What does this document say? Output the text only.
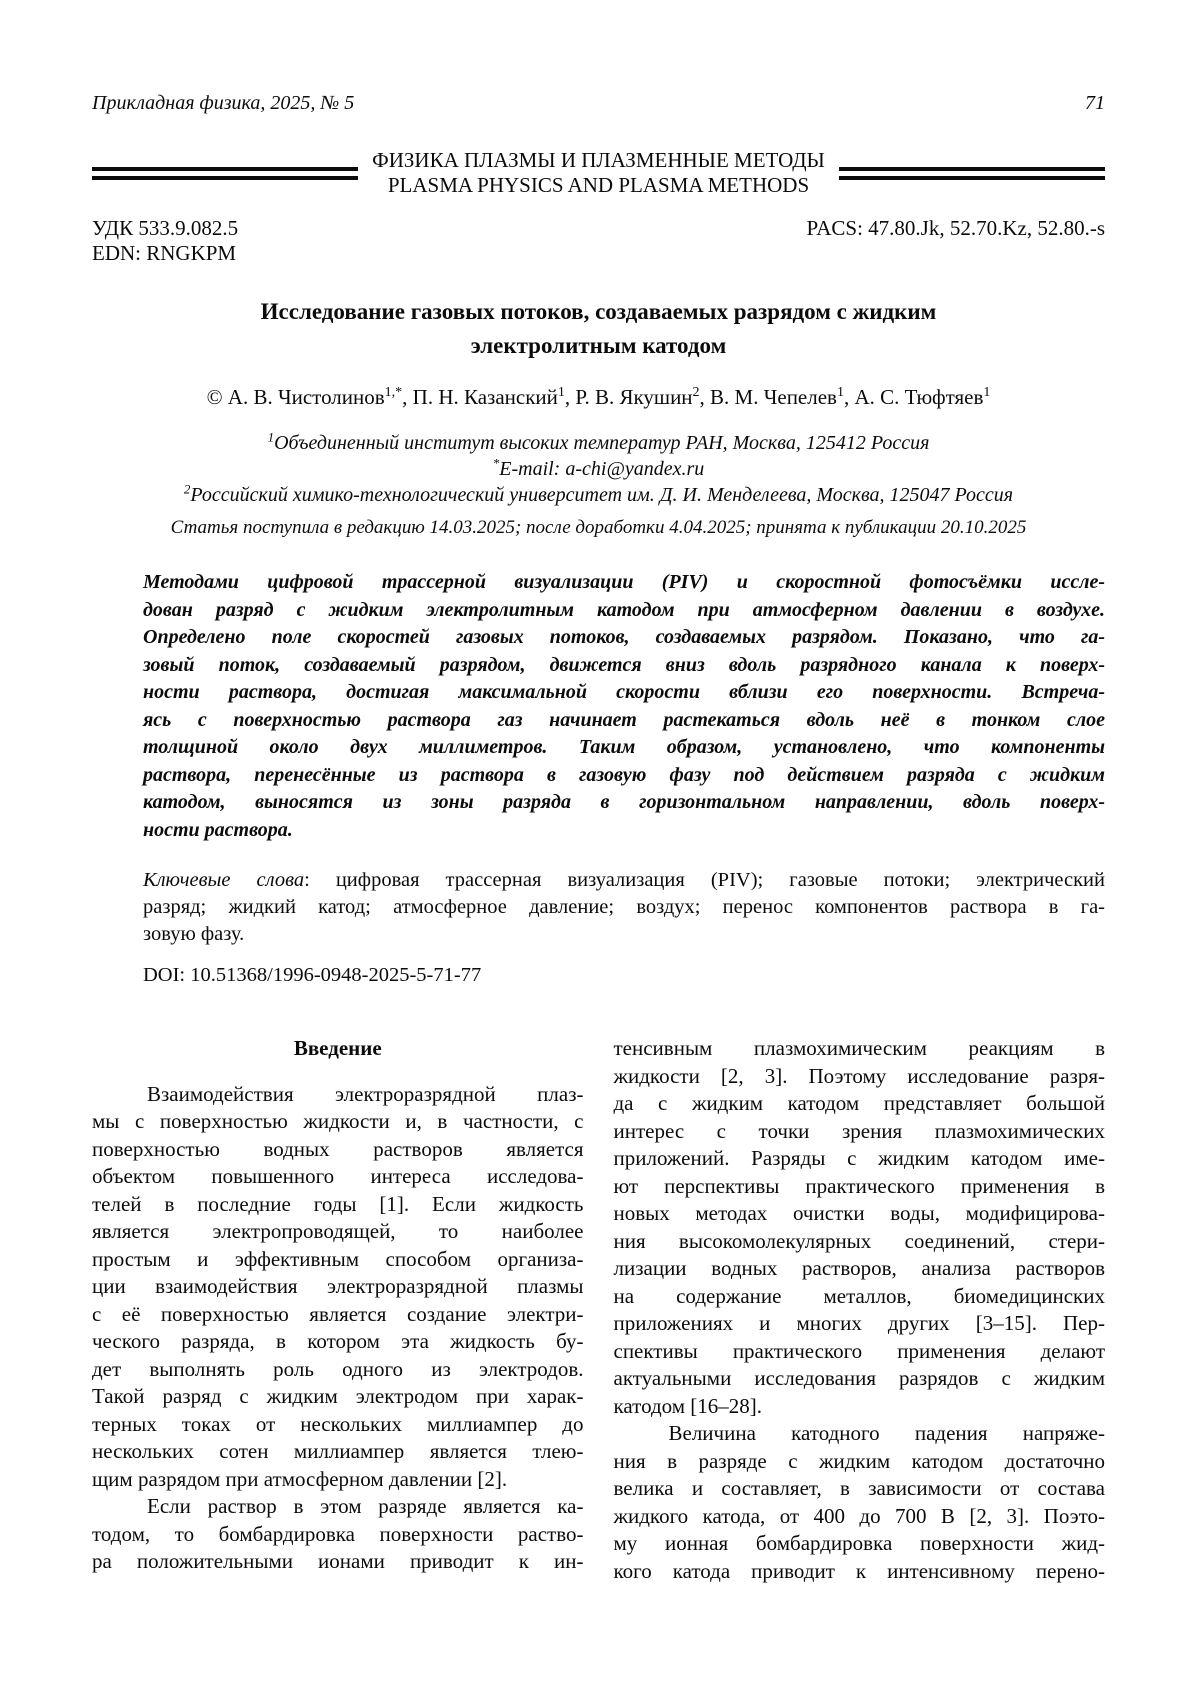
Прикладная физика, 2025, № 5	71
ФИЗИКА ПЛАЗМЫ И ПЛАЗМЕННЫЕ МЕТОДЫ
PLASMA PHYSICS AND PLASMA METHODS
УДК 533.9.082.5
EDN: RNGKPM
PACS: 47.80.Jk, 52.70.Kz, 52.80.-s
Исследование газовых потоков, создаваемых разрядом с жидким
электролитным катодом
© А. В. Чистолинов$^{1,*}$, П. Н. Казанский$^1$, Р. В. Якушин$^2$, В. М. Чепелев$^1$, А. С. Тюфтяев$^1$
$^1$Объединенный институт высоких температур РАН, Москва, 125412 Россия
*E-mail: a-chi@yandex.ru
$^2$Российский химико-технологический университет им. Д. И. Менделеева, Москва, 125047 Россия
Статья поступила в редакцию 14.03.2025; после доработки 4.04.2025; принята к публикации 20.10.2025
Методами цифровой трассерной визуализации (PIV) и скоростной фотосъёмки иссле-
дован разряд с жидким электролитным катодом при атмосферном давлении в воздухе.
Определено поле скоростей газовых потоков, создаваемых разрядом. Показано, что га-
зовый поток, создаваемый разрядом, движется вниз вдоль разрядного канала к поверх-
ности раствора, достигая максимальной скорости вблизи его поверхности. Встреча-
ясь с поверхностью раствора газ начинает растекаться вдоль неё в тонком слое
толщиной около двух миллиметров. Таким образом, установлено, что компоненты
раствора, перенесённые из раствора в газовую фазу под действием разряда с жидким
катодом, выносятся из зоны разряда в горизонтальном направлении, вдоль поверх-
ности раствора.
Ключевые слова: цифровая трассерная визуализация (PIV); газовые потоки; электрический
разряд; жидкий катод; атмосферное давление; воздух; перенос компонентов раствора в га-
зовую фазу.
DOI: 10.51368/1996-0948-2025-5-71-77
Введение
Взаимодействия электроразрядной плаз-
мы с поверхностью жидкости и, в частности, с
поверхностью водных растворов является
объектом повышенного интереса исследова-
телей в последние годы [1]. Если жидкость
является электропроводящей, то наиболее
простым и эффективным способом организа-
ции взаимодействия электроразрядной плазмы
с её поверхностью является создание электри-
ческого разряда, в котором эта жидкость бу-
дет выполнять роль одного из электродов.
Такой разряд с жидким электродом при харак-
терных токах от нескольких миллиампер до
нескольких сотен миллиампер является тлею-
щим разрядом при атмосферном давлении [2].
Если раствор в этом разряде является ка-
тодом, то бомбардировка поверхности раство-
ра положительными ионами приводит к ин-
тенсивным плазмохимическим реакциям в
жидкости [2, 3]. Поэтому исследование разря-
да с жидким катодом представляет большой
интерес с точки зрения плазмохимических
приложений. Разряды с жидким катодом име-
ют перспективы практического применения в
новых методах очистки воды, модифицирова-
ния высокомолекулярных соединений, стери-
лизации водных растворов, анализа растворов
на содержание металлов, биомедицинских
приложениях и многих других [3–15]. Пер-
спективы практического применения делают
актуальными исследования разрядов с жидким
катодом [16–28].
Величина катодного падения напряже-
ния в разряде с жидким катодом достаточно
велика и составляет, в зависимости от состава
жидкого катода, от 400 до 700 В [2, 3]. Поэто-
му ионная бомбардировка поверхности жид-
кого катода приводит к интенсивному перено-
